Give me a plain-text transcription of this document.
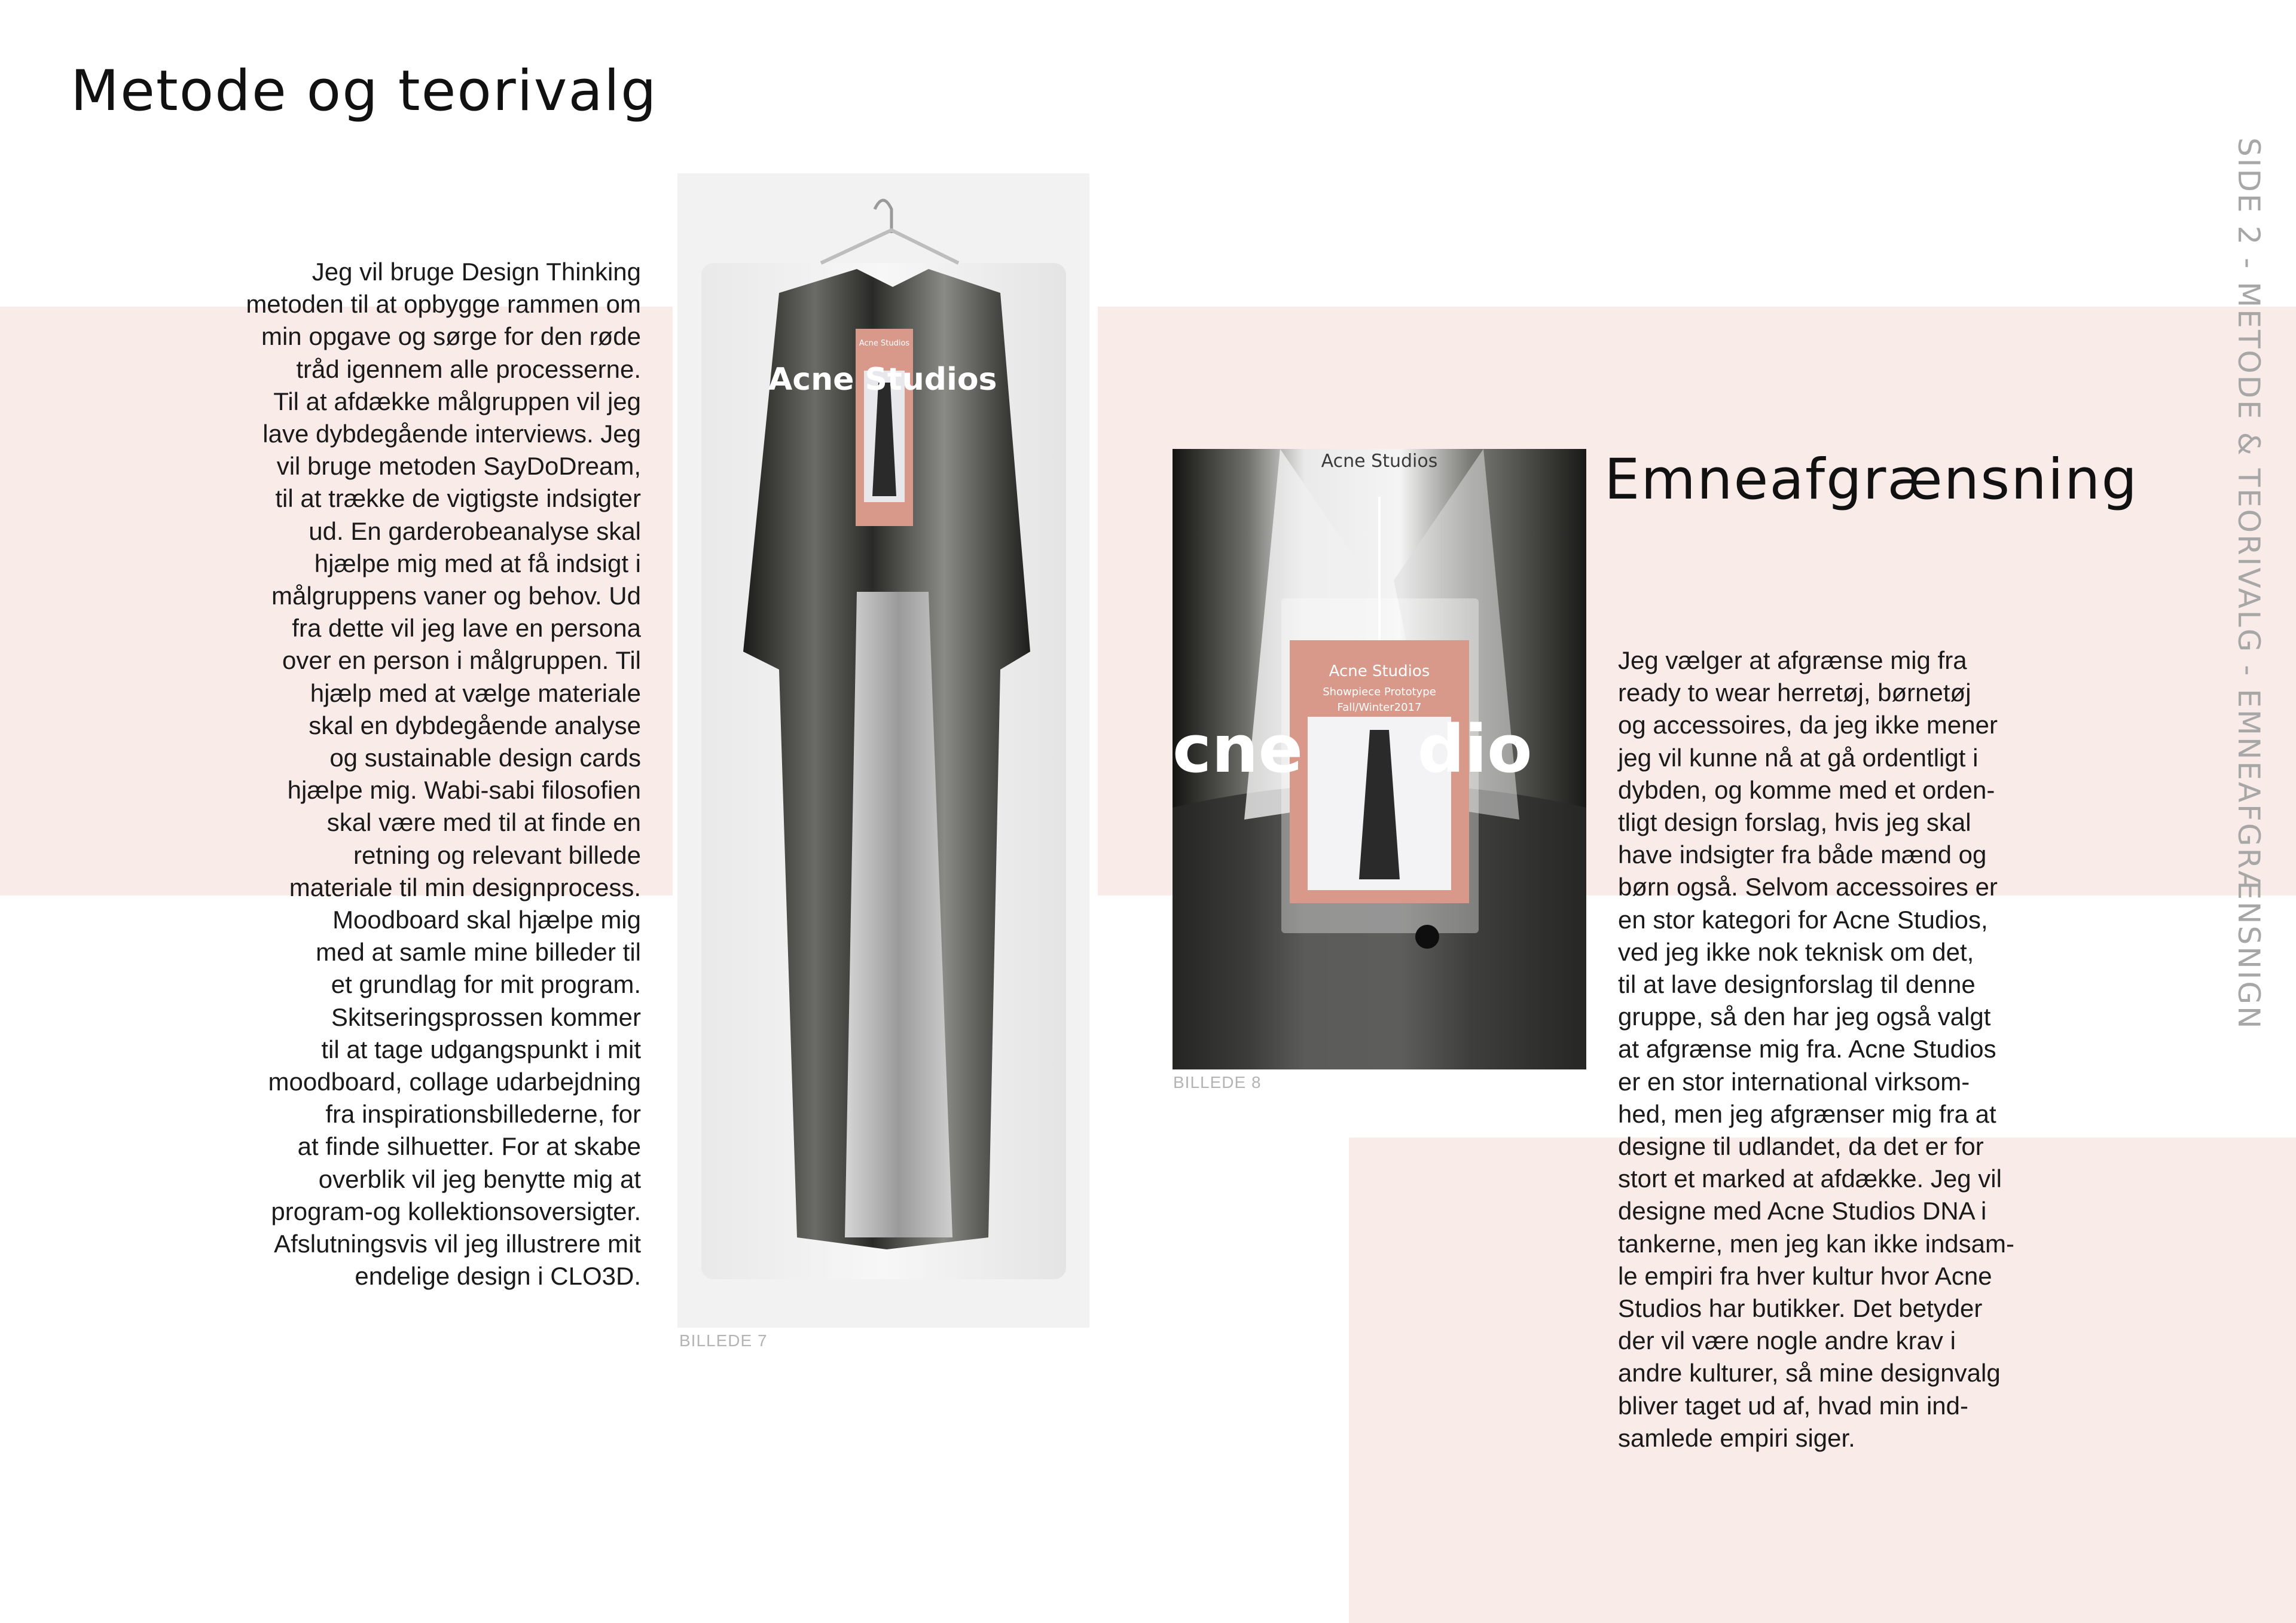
Metode og teorivalg

Jeg vil bruge Design Thinking
metoden til at opbygge rammen om
min opgave og sørge for den røde
tråd igennem alle processerne.
Til at afdække målgruppen vil jeg
lave dybdegående interviews. Jeg
vil bruge metoden SayDoDream,
til at trække de vigtigste indsigter
ud. En garderobeanalyse skal
hjælpe mig med at få indsigt i
målgruppens vaner og behov. Ud
fra dette vil jeg lave en persona
over en person i målgruppen. Til
hjælp med at vælge materiale
skal en dybdegående analyse
og sustainable design cards
hjælpe mig. Wabi-sabi filosofien
skal være med til at finde en
retning og relevant billede
materiale til min designprocess.
Moodboard skal hjælpe mig
med at samle mine billeder til
et grundlag for mit program.
Skitseringsprossen kommer
til at tage udgangspunkt i mit
moodboard, collage udarbejdning
fra inspirationsbillederne, for
at finde silhuetter. For at skabe
overblik vil jeg benytte mig at
program-og kollektionsoversigter.
Afslutningsvis vil jeg illustrere mit
endelige design i CLO3D.

Acne Studios
Acne Studios
BILLEDE 7
Acne Studios
Showpiece Prototype
Fall/Winter2017
cne     dio
Acne Studios
BILLEDE 8
Emneafgrænsning

Jeg vælger at afgrænse mig fra
ready to wear herretøj, børnetøj
og accessoires, da jeg ikke mener
jeg vil kunne nå at gå ordentligt i
dybden, og komme med et orden-
tligt design forslag, hvis jeg skal
have indsigter fra både mænd og
børn også. Selvom accessoires er
en stor kategori for Acne Studios,
ved jeg ikke nok teknisk om det,
til at lave designforslag til denne
gruppe, så den har jeg også valgt
at afgrænse mig fra. Acne Studios
er en stor international virksom-
hed, men jeg afgrænser mig fra at
designe til udlandet, da det er for
stort et marked at afdække. Jeg vil
designe med Acne Studios DNA i
tankerne, men jeg kan ikke indsam-
le empiri fra hver kultur hvor Acne
Studios har butikker. Det betyder
der vil være nogle andre krav i
andre kulturer, så mine designvalg
bliver taget ud af, hvad min ind-
samlede empiri siger.

SIDE 2 - METODE & TEORIVALG - EMNEAFGRÆNSNIGN
